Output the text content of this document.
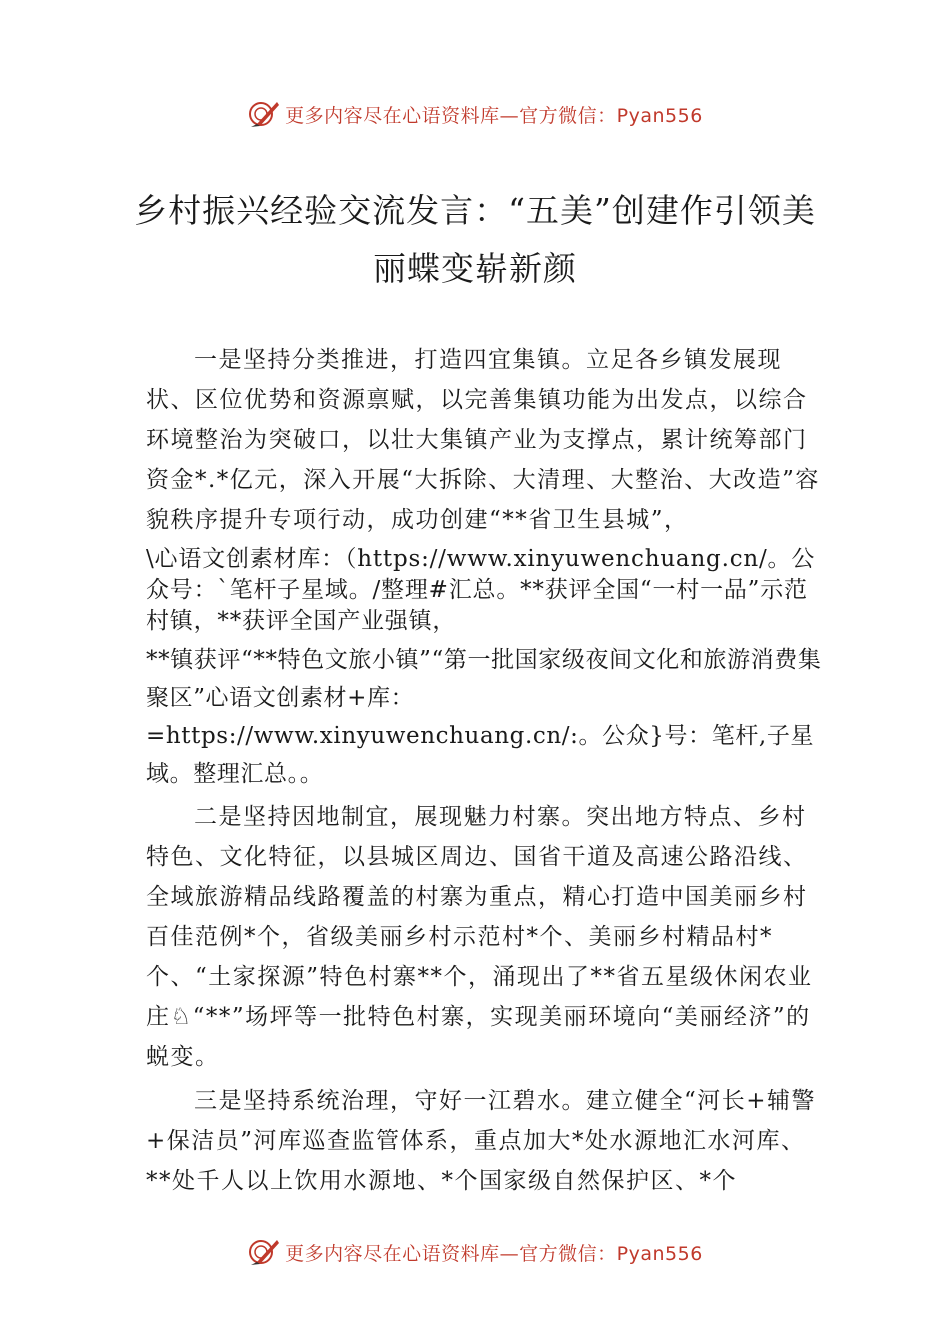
更多内容尽在心语资料库—官方微信：Pyan556
乡村振兴经验交流发言：“五美”创建作引领美丽蝶变崭新颜

一是坚持分类推进，打造四宜集镇。立足各乡镇发展现状、区位优势和资源禀赋，以完善集镇功能为出发点，以综合环境整治为突破口，以壮大集镇产业为支撑点，累计统筹部门资金*.*亿元，深入开展“大拆除、大清理、大整治、大改造”容貌秩序提升专项行动，成功创建“**省卫生县城”，

\心语文创素材库：（https://www.xinyuwenchuang.cn/。公众号：`笔杆子星域。/整理#汇总。**获评全国“一村一品”示范村镇，**获评全国产业强镇，

**镇获评“**特色文旅小镇”“第一批国家级夜间文化和旅游消费集聚区”心语文创素材+库：=https://www.xinyuwenchuang.cn/:。公众}号：笔杆,子星域。整理汇总。。

二是坚持因地制宜，展现魅力村寨。突出地方特点、乡村特色、文化特征，以县城区周边、国省干道及高速公路沿线、全域旅游精品线路覆盖的村寨为重点，精心打造中国美丽乡村百佳范例*个，省级美丽乡村示范村*个、美丽乡村精品村*个、“土家探源”特色村寨**个，涌现出了**省五星级休闲农业庄♘“**”场坪等一批特色村寨，实现美丽环境向“美丽经济”的蜕变。

三是坚持系统治理，守好一江碧水。建立健全“河长+辅警+保洁员”河库巡查监管体系，重点加大*处水源地汇水河库、**处千人以上饮用水源地、*个国家级自然保护区、*个

更多内容尽在心语资料库—官方微信：Pyan556
